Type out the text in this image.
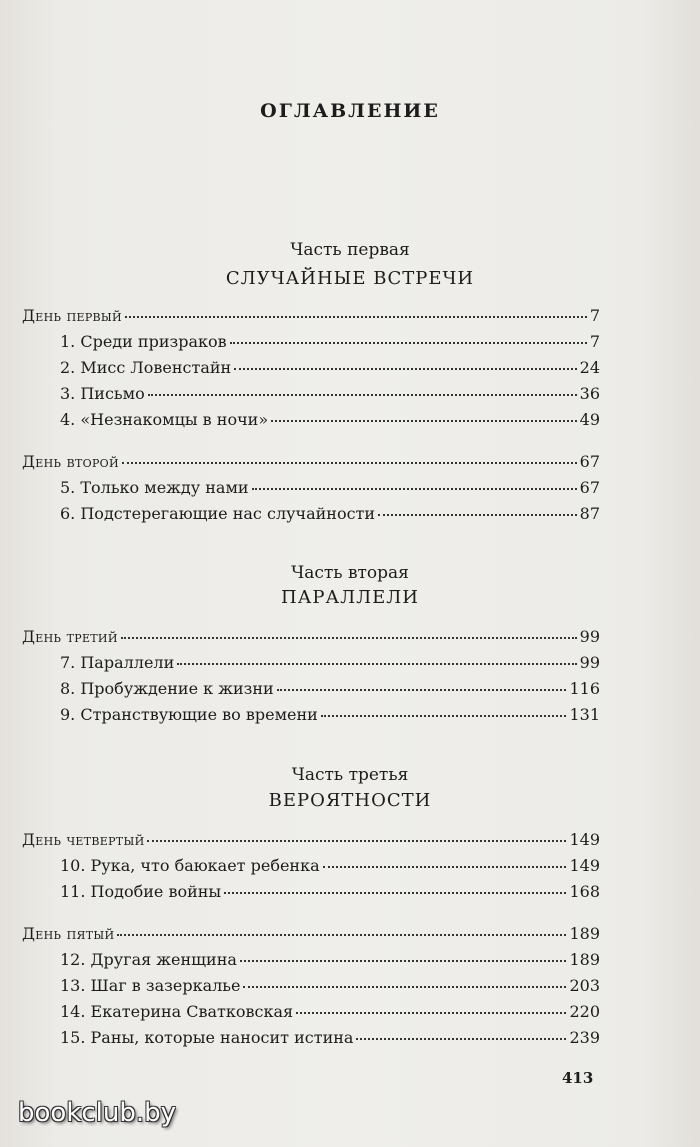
ОГЛАВЛЕНИЕ
Часть первая
СЛУЧАЙНЫЕ ВСТРЕЧИ
День первый	7
1. Среди призраков	7
2. Мисс Ловенстайн	24
3. Письмо	36
4. «Незнакомцы в ночи»	49
День второй	67
5. Только между нами	67
6. Подстерегающие нас случайности	87
Часть вторая
ПАРАЛЛЕЛИ
День третий	99
7. Параллели	99
8. Пробуждение к жизни	116
9. Странствующие во времени	131
Часть третья
ВЕРОЯТНОСТИ
День четвертый	149
10. Рука, что баюкает ребенка	149
11. Подобие войны	168
День пятый	189
12. Другая женщина	189
13. Шаг в зазеркалье	203
14. Екатерина Сватковская	220
15. Раны, которые наносит истина	239
413
bookclub.by
